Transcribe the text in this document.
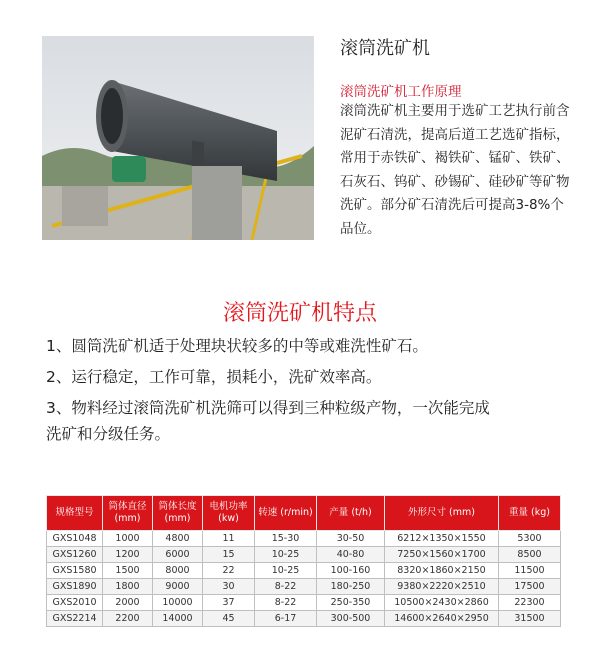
滚筒洗矿机
滚筒洗矿机工作原理
滚筒洗矿机主要用于选矿工艺执行前含泥矿石清洗，提高后道工艺选矿指标，常用于赤铁矿、褐铁矿、锰矿、铁矿、石灰石、钨矿、砂锡矿、硅砂矿等矿物洗矿。部分矿石清洗后可提高3-8%个品位。
滚筒洗矿机特点
1、圆筒洗矿机适于处理块状较多的中等或难洗性矿石。
2、运行稳定，工作可靠，损耗小，洗矿效率高。
3、物料经过滚筒洗矿机洗筛可以得到三种粒级产物，一次能完成
洗矿和分级任务。
规格型号	筒体直径 (mm)	筒体长度 (mm)	电机功率 (kw)	转速 (r/min)	产量 (t/h)	外形尺寸 (mm)	重量 (kg)
GXS1048	1000	4800	11	15-30	30-50	6212×1350×1550	5300
GXS1260	1200	6000	15	10-25	40-80	7250×1560×1700	8500
GXS1580	1500	8000	22	10-25	100-160	8320×1860×2150	11500
GXS1890	1800	9000	30	8-22	180-250	9380×2220×2510	17500
GXS2010	2000	10000	37	8-22	250-350	10500×2430×2860	22300
GXS2214	2200	14000	45	6-17	300-500	14600×2640×2950	31500
